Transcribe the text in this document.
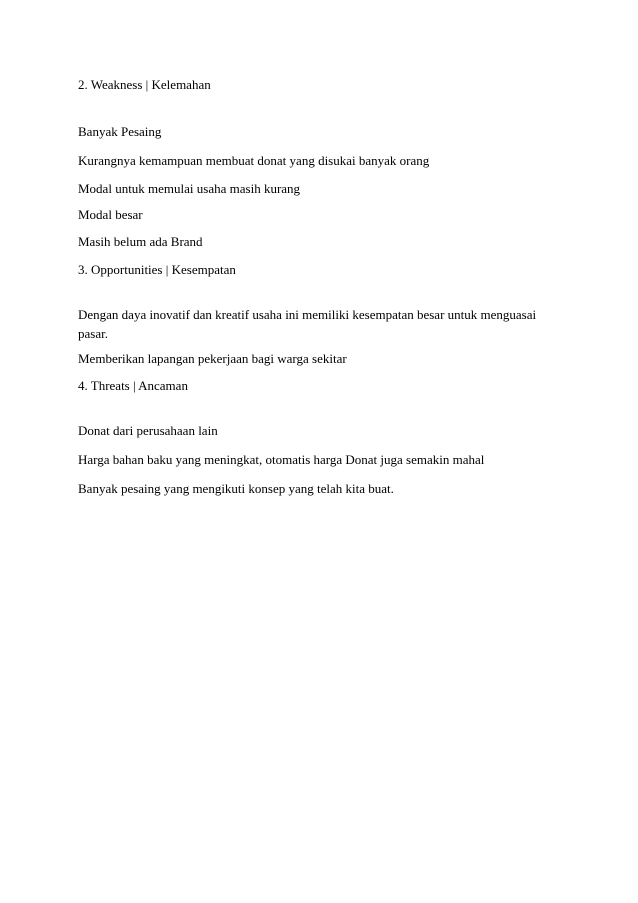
2. Weakness | Kelemahan

Banyak Pesaing

Kurangnya kemampuan membuat donat yang disukai banyak orang

Modal untuk memulai usaha masih kurang

Modal besar

Masih belum ada Brand

3. Opportunities | Kesempatan

Dengan daya inovatif dan kreatif usaha ini memiliki kesempatan besar untuk menguasai pasar.

Memberikan lapangan pekerjaan bagi warga sekitar

4. Threats | Ancaman

Donat dari perusahaan lain

Harga bahan baku yang meningkat, otomatis harga Donat juga semakin mahal

Banyak pesaing yang mengikuti konsep yang telah kita buat.
